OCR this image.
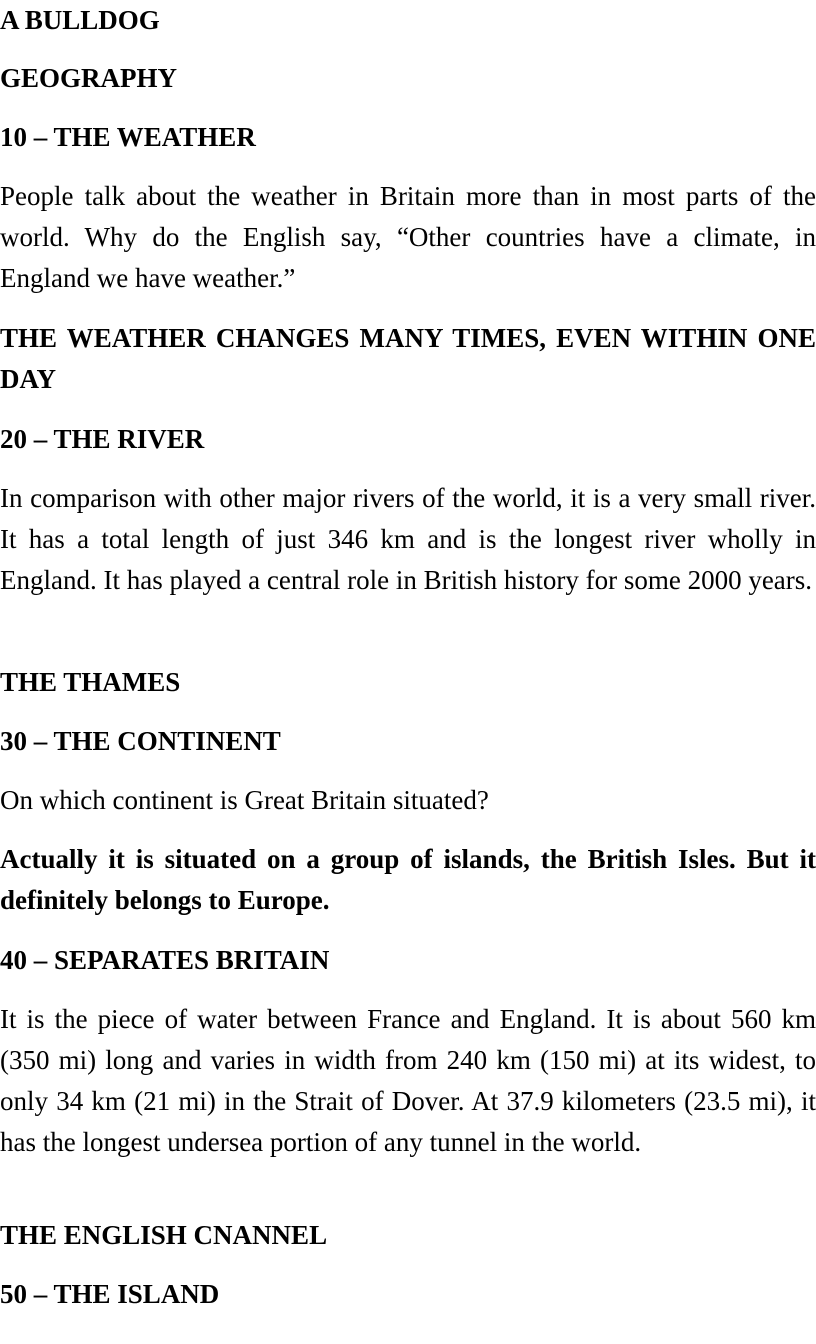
A BULLDOG

GEOGRAPHY

10 – THE WEATHER

People talk about the weather in Britain more than in most parts of the world. Why do the English say, “Other countries have a climate, in England we have weather.”

THE WEATHER CHANGES MANY TIMES, EVEN WITHIN ONE DAY

20 – THE RIVER

In comparison with other major rivers of the world, it is a very small river. It has a total length of just 346 km and is the longest river wholly in England. It has played a central role in British history for some 2000 years.

THE THAMES

30 – THE CONTINENT

On which continent is Great Britain situated?

Actually it is situated on a group of islands, the British Isles. But it definitely belongs to Europe.

40 – SEPARATES BRITAIN

It is the piece of water between France and England. It is about 560 km (350 mi) long and varies in width from 240 km (150 mi) at its widest, to only 34 km (21 mi) in the Strait of Dover. At 37.9 kilometers (23.5 mi), it has the longest undersea portion of any tunnel in the world.

THE ENGLISH CNANNEL

50 – THE ISLAND
